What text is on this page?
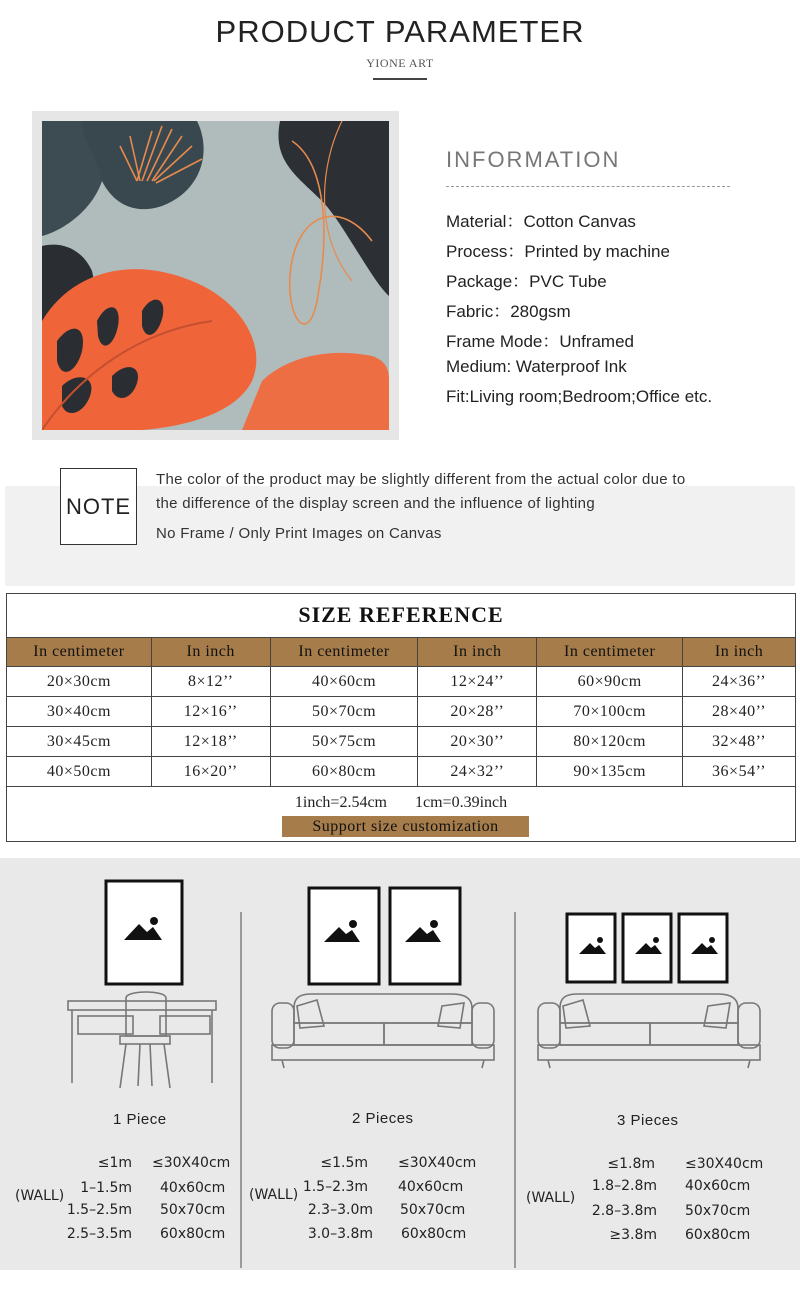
PRODUCT PARAMETER
YIONE ART
INFORMATION
Material：Cotton Canvas
Process：Printed by machine
Package：PVC Tube
Fabric：280gsm
Frame Mode：Unframed
Medium: Waterproof Ink
Fit:Living room;Bedroom;Office etc.
NOTE
The color of the product may be slightly different from the actual color due to
the difference of the display screen and the influence of lighting
No Frame / Only Print Images on Canvas
SIZE REFERENCE
In centimeter	In inch	In centimeter	In inch	In centimeter	In inch
20×30cm	8×12’’	40×60cm	12×24’’	60×90cm	24×36’’
30×40cm	12×16’’	50×70cm	20×28’’	70×100cm	28×40’’
30×45cm	12×18’’	50×75cm	20×30’’	80×120cm	32×48’’
40×50cm	16×20’’	60×80cm	24×32’’	90×135cm	36×54’’
1inch=2.54cm 1cm=0.39inch
Support size customization
1 Piece	2 Pieces	3 Pieces
(WALL)	(WALL)	(WALL)
≤1m ≤30X40cm
1–1.5m 40x60cm
1.5–2.5m 50x70cm
2.5–3.5m 60x80cm
≤1.5m ≤30X40cm
1.5–2.3m 40x60cm
2.3–3.0m 50x70cm
3.0–3.8m 60x80cm
≤1.8m ≤30X40cm
1.8–2.8m 40x60cm
2.8–3.8m 50x70cm
≥3.8m 60x80cm
